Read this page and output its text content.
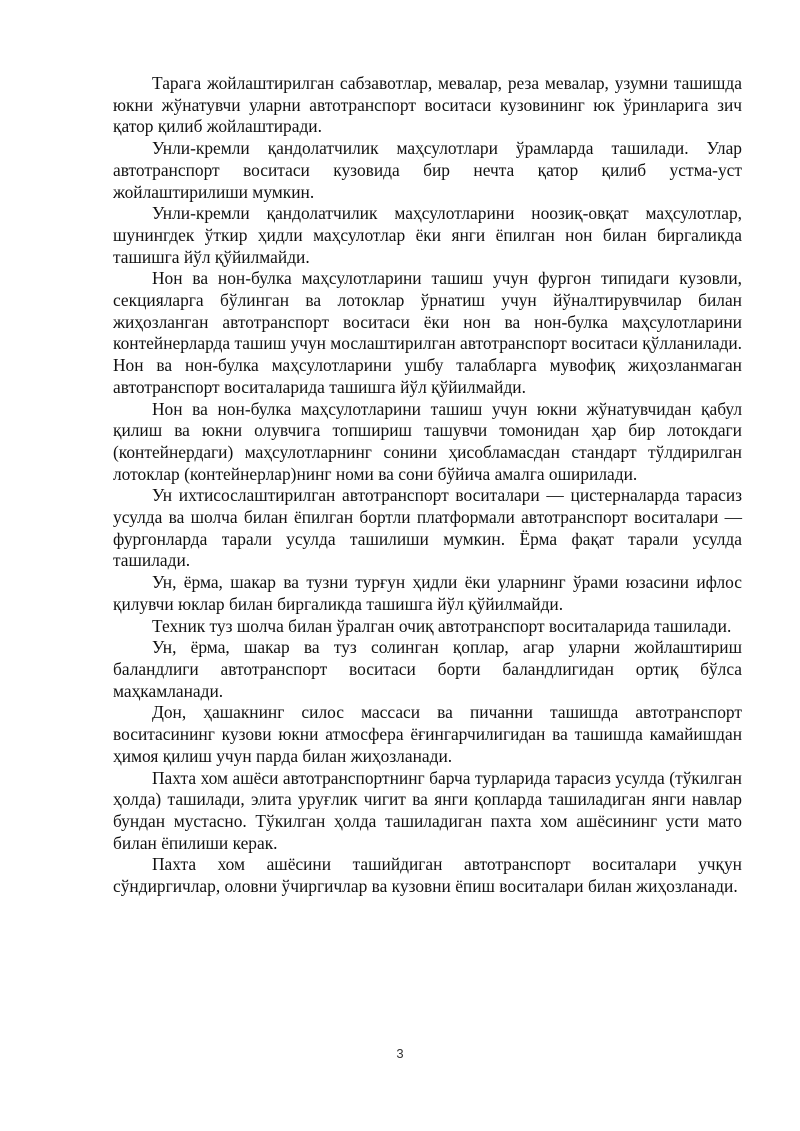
Тарага жойлаштирилган сабзавотлар, мевалар, реза мевалар, узумни ташишда юкни жўнатувчи уларни автотранспорт воситаси кузовининг юк ўринларига зич қатор қилиб жойлаштиради.

Унли-кремли қандолатчилик маҳсулотлари ўрамларда ташилади. Улар автотранспорт воситаси кузовида бир нечта қатор қилиб устма-уст жойлаштирилиши мумкин.

Унли-кремли қандолатчилик маҳсулотларини ноозиқ-овқат маҳсулотлар, шунингдек ўткир ҳидли маҳсулотлар ёки янги ёпилган нон билан биргаликда ташишга йўл қўйилмайди.

Нон ва нон-булка маҳсулотларини ташиш учун фургон типидаги кузовли, секцияларга бўлинган ва лотоклар ўрнатиш учун йўналтирувчилар билан жиҳозланган автотранспорт воситаси ёки нон ва нон-булка маҳсулотларини контейнерларда ташиш учун мослаштирилган автотранспорт воситаси қўлланилади. Нон ва нон-булка маҳсулотларини ушбу талабларга мувофиқ жиҳозланмаган автотранспорт воситаларида ташишга йўл қўйилмайди.

Нон ва нон-булка маҳсулотларини ташиш учун юкни жўнатувчидан қабул қилиш ва юкни олувчига топшириш ташувчи томонидан ҳар бир лотокдаги (контейнердаги) маҳсулотларнинг сонини ҳисобламасдан стандарт тўлдирилган лотоклар (контейнерлар)нинг номи ва сони бўйича амалга оширилади.

Ун ихтисослаштирилган автотранспорт воситалари — цистерналарда тарасиз усулда ва шолча билан ёпилган бортли платформали автотранспорт воситалари — фургонларда тарали усулда ташилиши мумкин. Ёрма фақат тарали усулда ташилади.

Ун, ёрма, шакар ва тузни турғун ҳидли ёки уларнинг ўрами юзасини ифлос қилувчи юклар билан биргаликда ташишга йўл қўйилмайди.

Техник туз шолча билан ўралган очиқ автотранспорт воситаларида ташилади.

Ун, ёрма, шакар ва туз солинган қоплар, агар уларни жойлаштириш баландлиги автотранспорт воситаси борти баландлигидан ортиқ бўлса маҳкамланади.

Дон, ҳашакнинг силос массаси ва пичанни ташишда автотранспорт воситасининг кузови юкни атмосфера ёғингарчилигидан ва ташишда камайишдан ҳимоя қилиш учун парда билан жиҳозланади.

Пахта хом ашёси автотранспортнинг барча турларида тарасиз усулда (тўкилган ҳолда) ташилади, элита уруғлик чигит ва янги қопларда ташиладиган янги навлар бундан мустасно. Тўкилган ҳолда ташиладиган пахта хом ашёсининг усти мато билан ёпилиши керак.

Пахта хом ашёсини ташийдиган автотранспорт воситалари учқун сўндиргичлар, оловни ўчиргичлар ва кузовни ёпиш воситалари билан жиҳозланади.

3
